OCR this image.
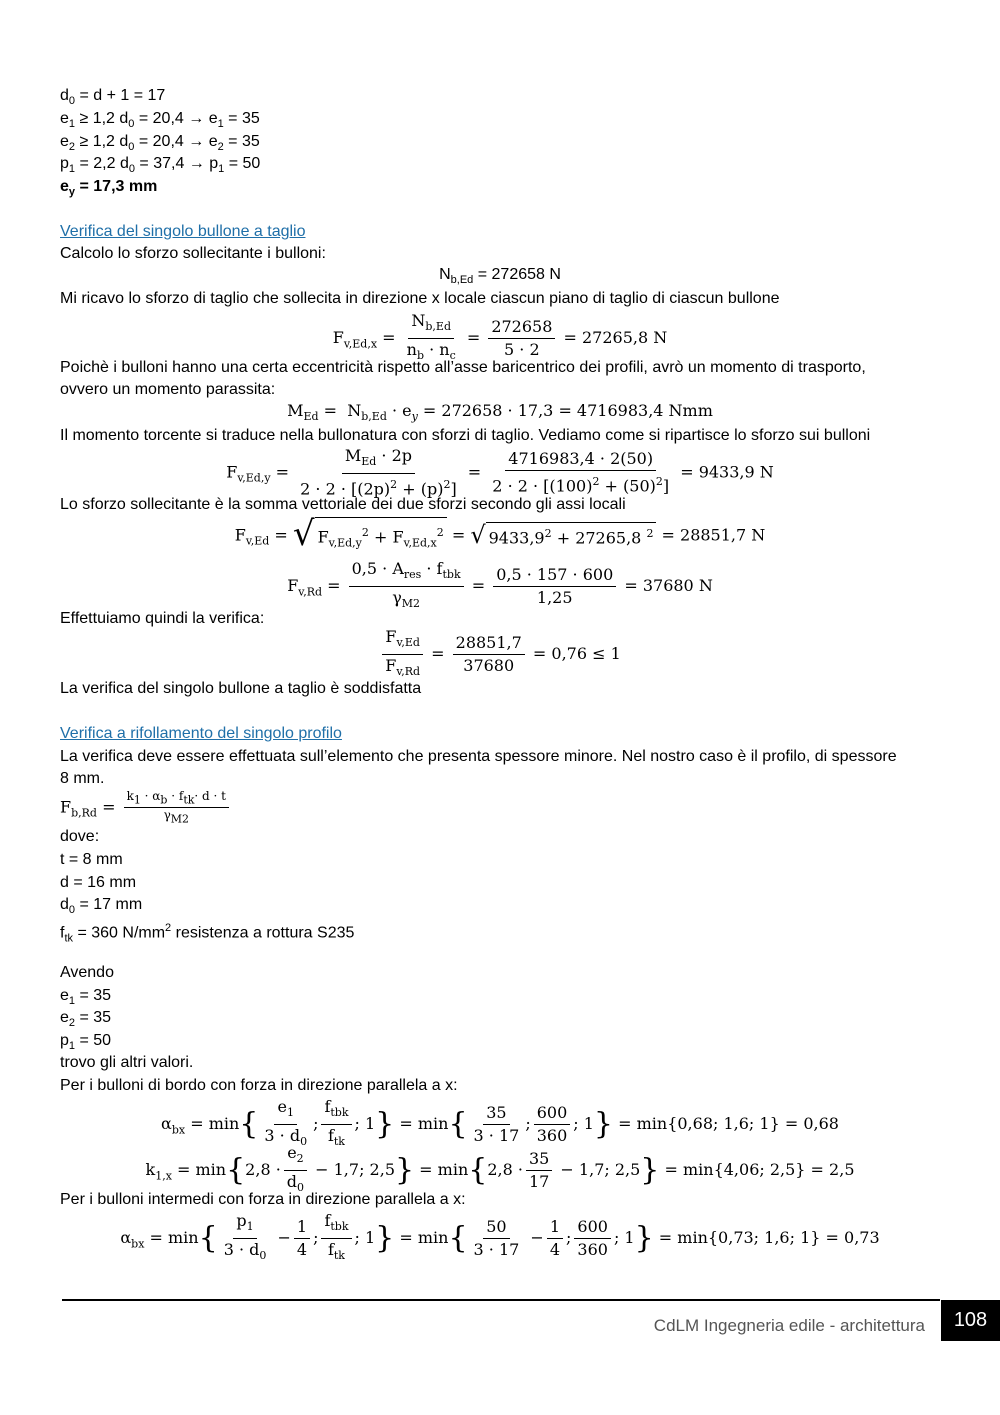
$d_0 = d + 1 = 17$
$e_1 \ge 1,2$ $d_0 = 20,4 \to e_1 = 35$
$e_2 \ge 1,2$ $d_0 = 20,4 \to e_2 = 35$
$p_1 = 2,2$ $d_0 = 37,4 \to p_1 = 50$
$e_y = 17,3$ mm
Verifica del singolo bullone a taglio
Calcolo lo sforzo sollecitante i bulloni:
$N_{b,Ed} = 272658$ N
Mi ricavo lo sforzo di taglio che sollecita in direzione x locale ciascun piano di taglio di ciascun bullone
$F_{v,Ed,x} = \frac{N_{b,Ed}}{n_b \cdot n_c} = \frac{272658}{5 \cdot 2} = 27265,8$ N
Poichè i bulloni hanno una certa eccentricità rispetto all’asse baricentrico dei profili, avrò un momento di trasporto,
ovvero un momento parassita:
$M_{Ed} = N_{b,Ed} \cdot e_y = 272658 \cdot 17,3 = 4716983,4$ Nmm
Il momento torcente si traduce nella bullonatura con sforzi di taglio. Vediamo come si ripartisce lo sforzo sui bulloni
$F_{v,Ed,y} = \frac{M_{Ed} \cdot 2p}{2 \cdot 2 \cdot [(2p)^2 + (p)^2]} = \frac{4716983,4 \cdot 2(50)}{2 \cdot 2 \cdot [(100)^2 + (50)^2]} = 9433,9$ N
Lo sforzo sollecitante è la somma vettoriale dei due sforzi secondo gli assi locali
$F_{v,Ed}$ = √ $F_{v,Ed,y}^2 + F_{v,Ed,x}^2$ = √ $9433,9^2 + 27265,8$ $^2$ = 28851,7 N
$F_{v,Rd} = \frac{0,5 \cdot A_{res} \cdot f_{tbk}}{\gamma_{M2}} = \frac{0,5 \cdot 157 \cdot 600}{1,25} = 37680$ N
Effettuiamo quindi la verifica:
$\frac{F_{v,Ed}}{F_{v,Rd}} = \frac{28851,7}{37680} = 0,76 \le 1$
La verifica del singolo bullone a taglio è soddisfatta
Verifica a rifollamento del singolo profilo
La verifica deve essere effettuata sull’elemento che presenta spessore minore. Nel nostro caso è il profilo, di spessore
8 mm.
$F_{b,Rd} = \frac{k_1 \cdot \alpha_b \cdot f_{tk}\cdot d \cdot t}{\gamma_{M2}}$
dove:
t = 8 mm
d = 16 mm
$d_0 = 17$ mm
$f_{tk} = 360$ $N/mm^2$ resistenza a rottura S235
Avendo
$e_1 = 35$
$e_2 = 35$
$p_1 = 50$
trovo gli altri valori.
Per i bulloni di bordo con forza in direzione parallela a x:
$\alpha_{bx} = \min\{ \frac{e_1}{3 \cdot d_0}$ ; $\frac{f_{tbk}}{f_{tk}}$ ; $1\} = \min\{ \frac{35}{3 \cdot 17}$ ; $\frac{600}{360}$ ; 1} = min{0,68; 1,6; 1} = 0,68
$k_{1,x} = \min\{2,8 \cdot \frac{e_2}{d_0} - 1,7$; $2,5\} = \min\{2,8 \cdot \frac{35}{17} - 1,7$; 2,5} = min{4,06; 2,5} = 2,5
Per i bulloni intermedi con forza in direzione parallela a x:
$\alpha_{bx} = \min\{ \frac{p_1}{3 \cdot d_0} - \frac{1}{4}$ ; $\frac{f_{tbk}}{f_{tk}}$ ; $1\} = \min\{ \frac{50}{3 \cdot 17} - \frac{1}{4}$ ; $\frac{600}{360}$ ; 1} = min{0,73; 1,6; 1} = 0,73
CdLM Ingegneria edile - architettura	108
